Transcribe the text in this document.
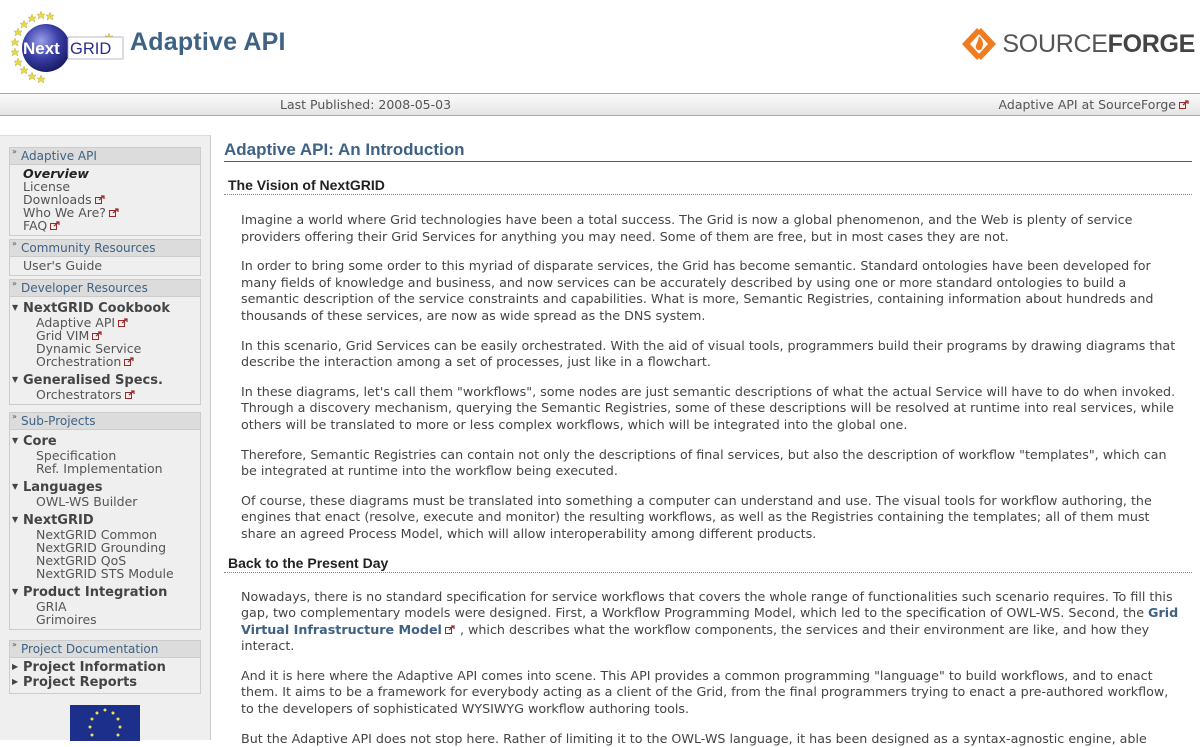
Next GRID Adaptive API	SOURCEFORGE
Last Published: 2008-05-03	Adaptive API at SourceForge
» Adaptive API
Overview
License
Downloads
Who We Are?
FAQ
» Community Resources
User's Guide
» Developer Resources
▼ NextGRID Cookbook
Adaptive API
Grid VIM
Dynamic Service
Orchestration
▼ Generalised Specs.
Orchestrators
» Sub-Projects
▼ Core
Specification
Ref. Implementation
▼ Languages
OWL-WS Builder
▼ NextGRID
NextGRID Common
NextGRID Grounding
NextGRID QoS
NextGRID STS Module
▼ Product Integration
GRIA
Grimoires
» Project Documentation
▶ Project Information
▶ Project Reports
Adaptive API: An Introduction
The Vision of NextGRID

Imagine a world where Grid technologies have been a total success. The Grid is now a global phenomenon, and the Web is plenty of service providers offering their Grid Services for anything you may need. Some of them are free, but in most cases they are not.

In order to bring some order to this myriad of disparate services, the Grid has become semantic. Standard ontologies have been developed for many fields of knowledge and business, and now services can be accurately described by using one or more standard ontologies to build a semantic description of the service constraints and capabilities. What is more, Semantic Registries, containing information about hundreds and thousands of these services, are now as wide spread as the DNS system.

In this scenario, Grid Services can be easily orchestrated. With the aid of visual tools, programmers build their programs by drawing diagrams that describe the interaction among a set of processes, just like in a flowchart.

In these diagrams, let's call them "workflows", some nodes are just semantic descriptions of what the actual Service will have to do when invoked. Through a discovery mechanism, querying the Semantic Registries, some of these descriptions will be resolved at runtime into real services, while others will be translated to more or less complex workflows, which will be integrated into the global one.

Therefore, Semantic Registries can contain not only the descriptions of final services, but also the description of workflow "templates", which can be integrated at runtime into the workflow being executed.

Of course, these diagrams must be translated into something a computer can understand and use. The visual tools for workflow authoring, the engines that enact (resolve, execute and monitor) the resulting workflows, as well as the Registries containing the templates; all of them must share an agreed Process Model, which will allow interoperability among different products.

Back to the Present Day

Nowadays, there is no standard specification for service workflows that covers the whole range of functionalities such scenario requires. To fill this gap, two complementary models were designed. First, a Workflow Programming Model, which led to the specification of OWL-WS. Second, the Grid Virtual Infrastructure Model , which describes what the workflow components, the services and their environment are like, and how they interact.

And it is here where the Adaptive API comes into scene. This API provides a common programming "language" to build workflows, and to enact them. It aims to be a framework for everybody acting as a client of the Grid, from the final programmers trying to enact a pre-authored workflow, to the developers of sophisticated WYSIWYG workflow authoring tools.

But the Adaptive API does not stop here. Rather of limiting it to the OWL-WS language, it has been designed as a syntax-agnostic engine, able
